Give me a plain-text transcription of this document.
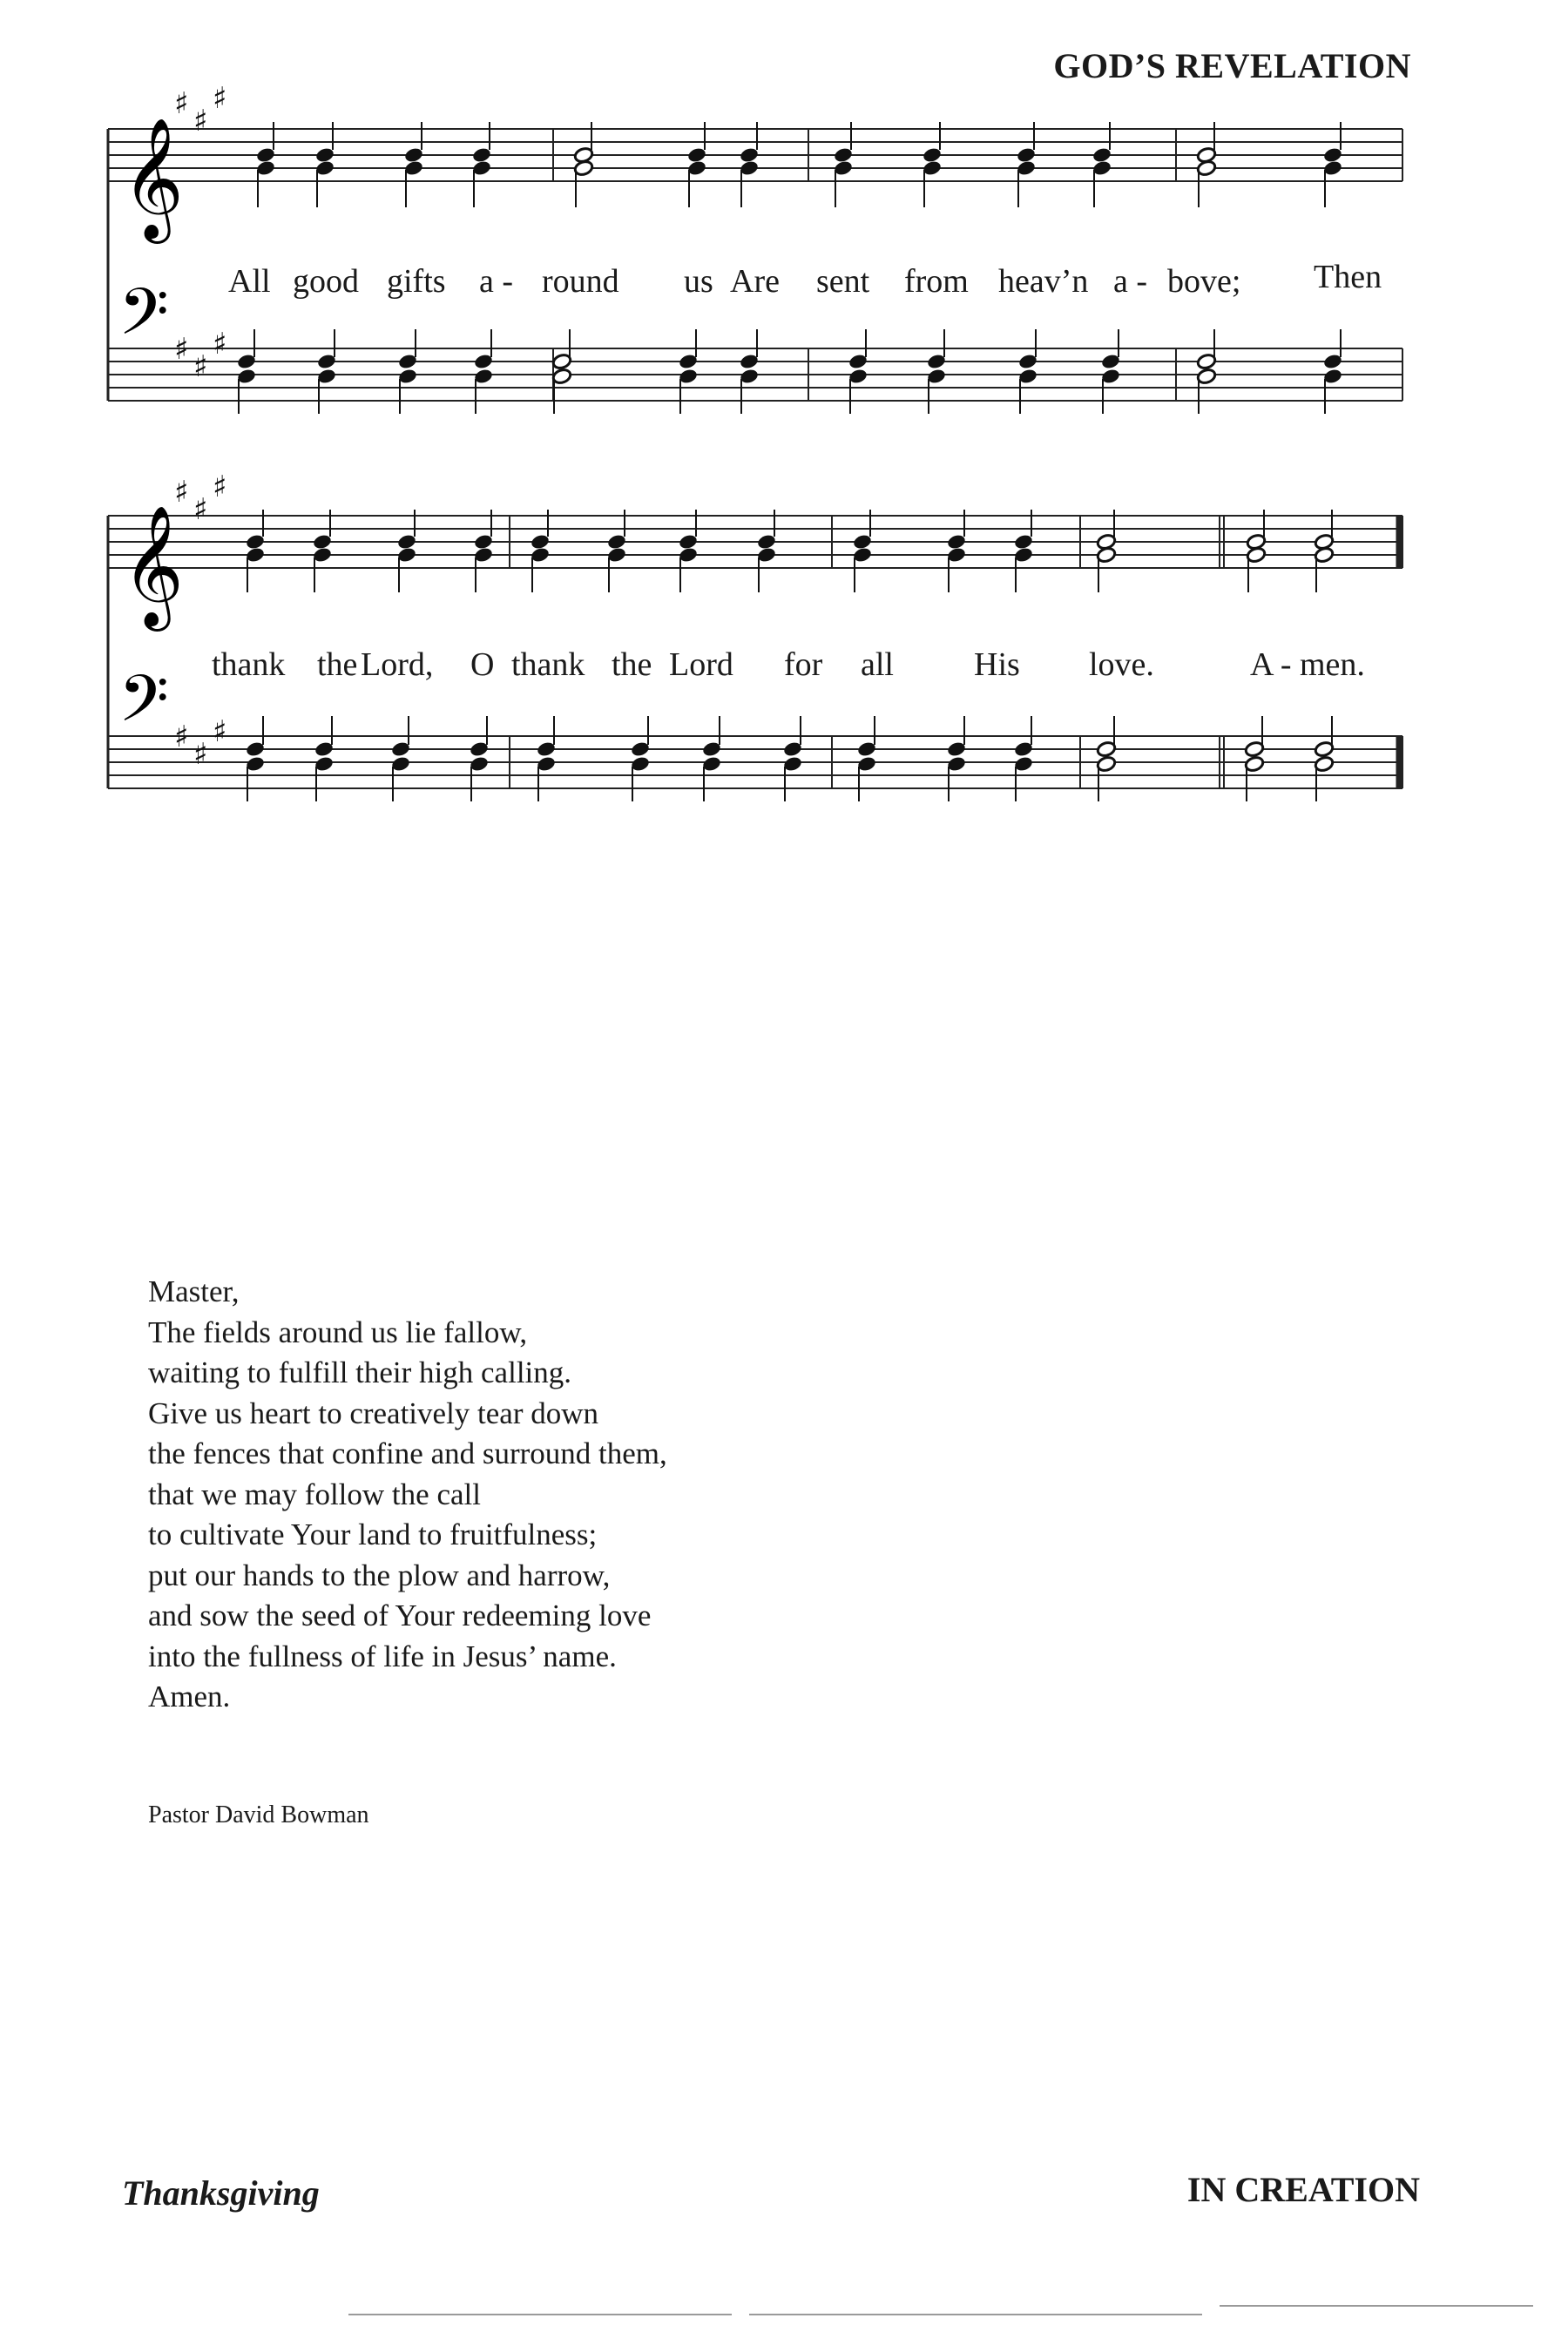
GOD’S REVELATION
𝄢
𝄞
𝄞
𝄢
♯ ♯
♯
♯ ♯
♯
♯ ♯
♯
♯ ♯
♯
All good gifts a - round us Are sent from heav’n a - bove; Then
thank the Lord, O thank the Lord for all His love.	A - men.
Master,
The fields around us lie fallow,
waiting to fulfill their high calling.
Give us heart to creatively tear down
the fences that confine and surround them,
that we may follow the call
to cultivate Your land to fruitfulness;
put our hands to the plow and harrow,
and sow the seed of Your redeeming love
into the fullness of life in Jesus’ name.
Amen.
Pastor David Bowman
Thanksgiving	IN CREATION
